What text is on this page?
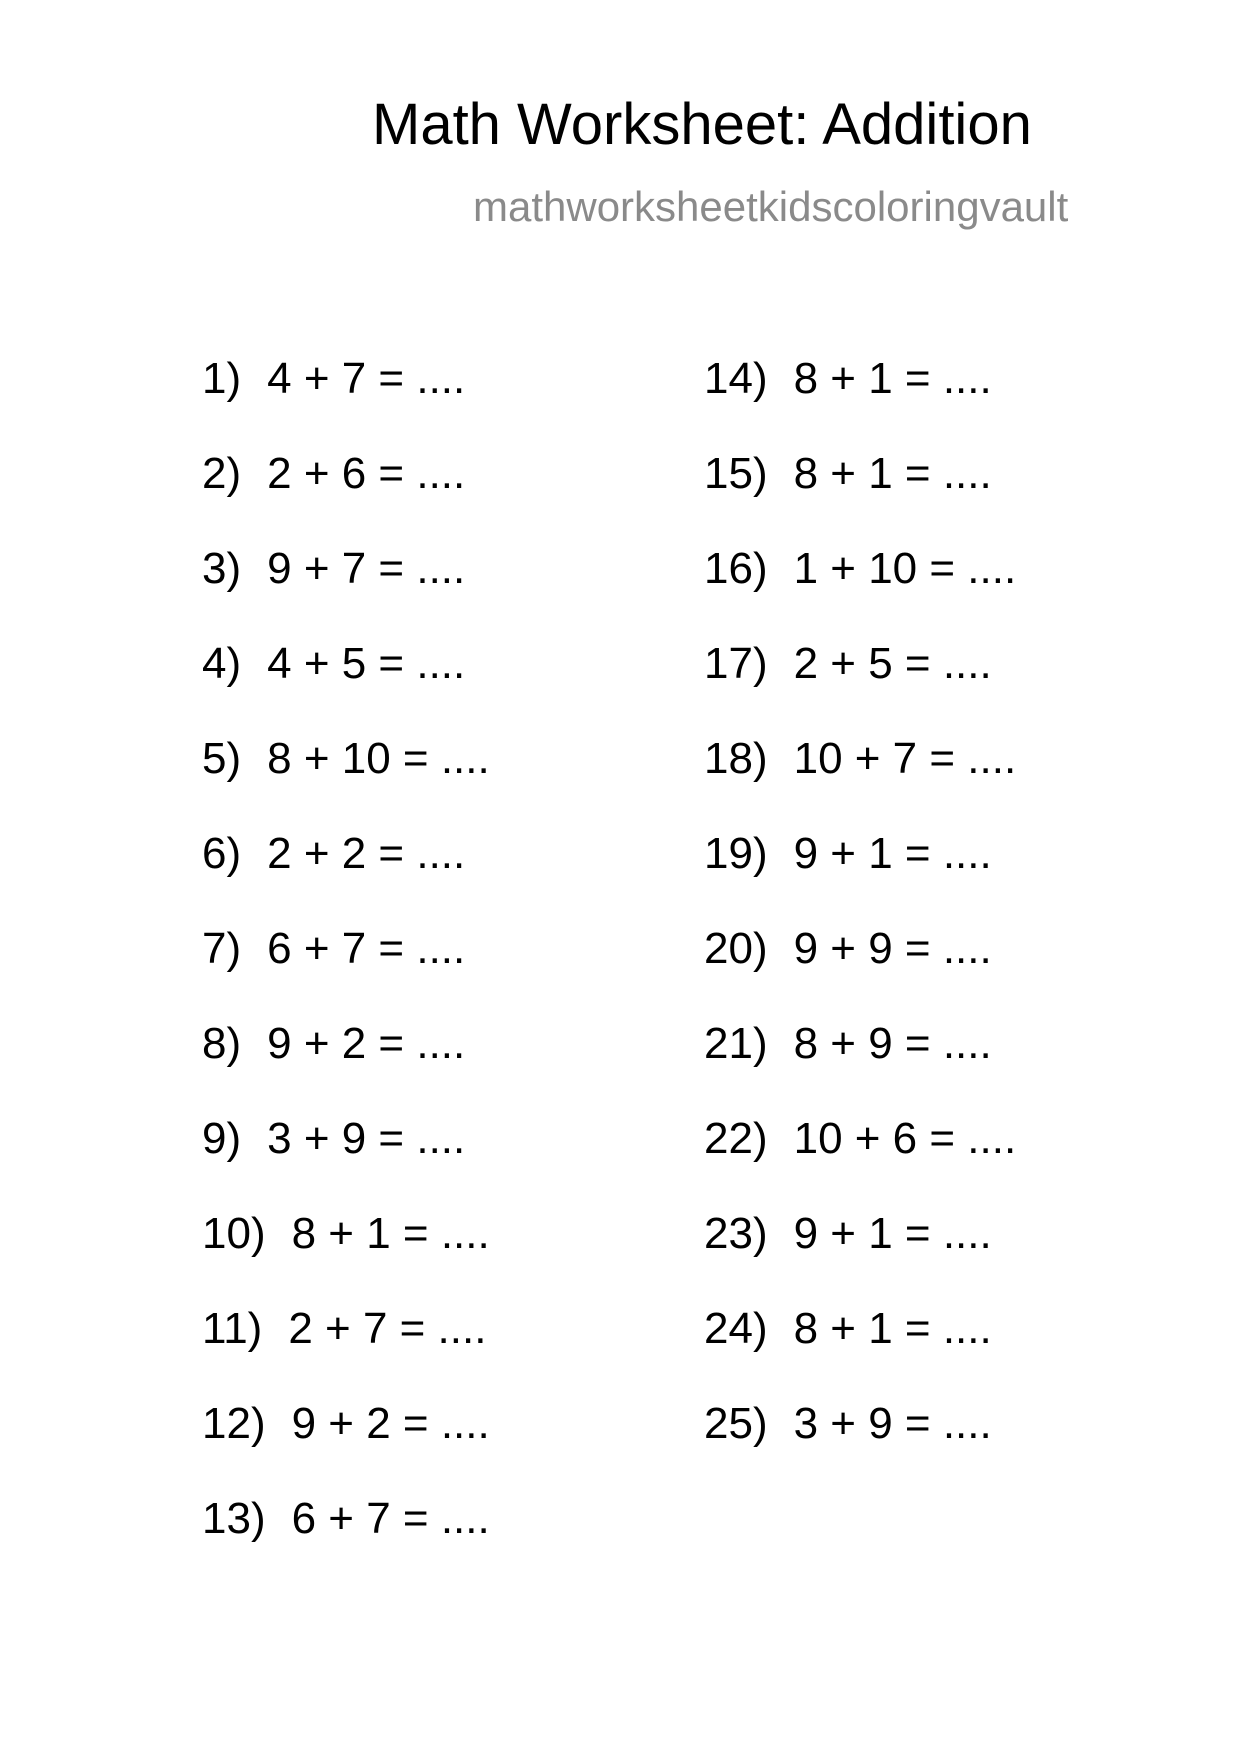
Math Worksheet: Addition
mathworksheetkidscoloringvault
1) 4 + 7 = ....
2) 2 + 6 = ....
3) 9 + 7 = ....
4) 4 + 5 = ....
5) 8 + 10 = ....
6) 2 + 2 = ....
7) 6 + 7 = ....
8) 9 + 2 = ....
9) 3 + 9 = ....
10) 8 + 1 = ....
11) 2 + 7 = ....
12) 9 + 2 = ....
13) 6 + 7 = ....
14) 8 + 1 = ....
15) 8 + 1 = ....
16) 1 + 10 = ....
17) 2 + 5 = ....
18) 10 + 7 = ....
19) 9 + 1 = ....
20) 9 + 9 = ....
21) 8 + 9 = ....
22) 10 + 6 = ....
23) 9 + 1 = ....
24) 8 + 1 = ....
25) 3 + 9 = ....
